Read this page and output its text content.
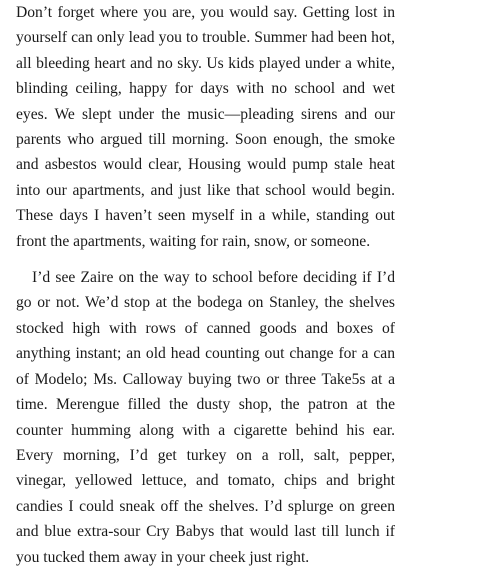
Don’t forget where you are, you would say. Getting lost in yourself can only lead you to trouble. Summer had been hot, all bleeding heart and no sky. Us kids played under a white, blinding ceiling, happy for days with no school and wet eyes. We slept under the music—pleading sirens and our parents who argued till morning. Soon enough, the smoke and asbestos would clear, Housing would pump stale heat into our apartments, and just like that school would begin. These days I haven’t seen myself in a while, standing out front the apartments, waiting for rain, snow, or someone.

I’d see Zaire on the way to school before deciding if I’d go or not. We’d stop at the bodega on Stanley, the shelves stocked high with rows of canned goods and boxes of anything instant; an old head counting out change for a can of Modelo; Ms. Calloway buying two or three Take5s at a time. Merengue filled the dusty shop, the patron at the counter humming along with a cigarette behind his ear. Every morning, I’d get turkey on a roll, salt, pepper, vinegar, yellowed lettuce, and tomato, chips and bright candies I could sneak off the shelves. I’d splurge on green and blue extra-sour Cry Babys that would last till lunch if you tucked them away in your cheek just right.
